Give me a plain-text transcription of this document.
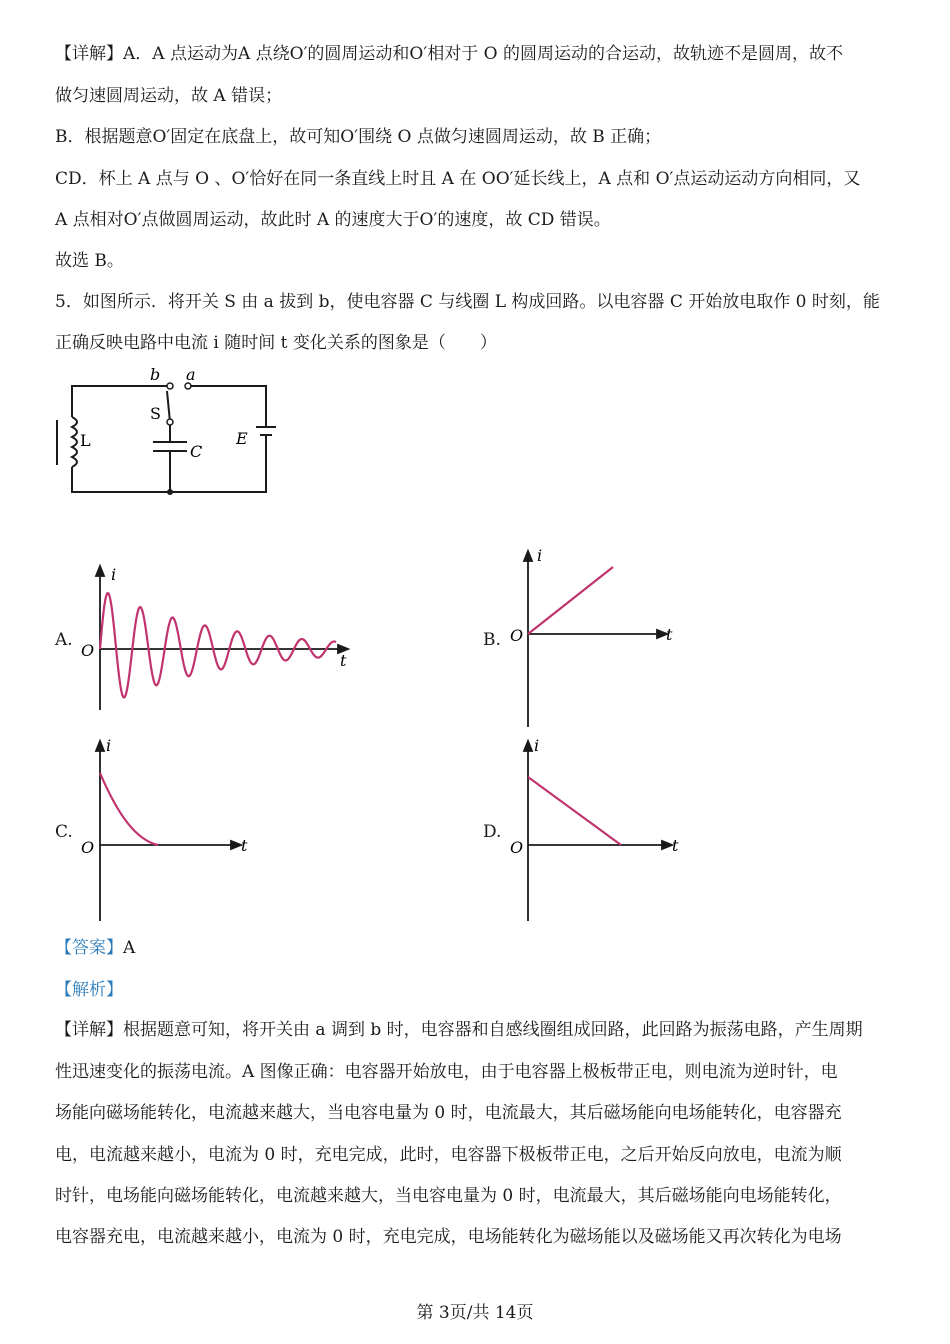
【详解】A．A 点运动为A 点绕O′的圆周运动和O′相对于 O 的圆周运动的合运动，故轨迹不是圆周，故不
做匀速圆周运动，故 A 错误；
B．根据题意O′固定在底盘上，故可知O′围绕 O 点做匀速圆周运动，故 B 正确；
CD．杯上 A 点与 O 、O′恰好在同一条直线上时且 A 在 OO′延长线上，A 点和 O′点运动运动方向相同，又
A 点相对O′点做圆周运动，故此时 A 的速度大于O′的速度，故 CD 错误。
故选 B。
5．如图所示．将开关 S 由 a 拔到 b，使电容器 C 与线圈 L 构成回路。以电容器 C 开始放电取作 0 时刻，能
正确反映电路中电流 i 随时间 t 变化关系的图象是（　　）
b a
S
L
C
E
A.
i
t
O
B.
i
t
O
C.
i
t
O
D.
i
t
O
【答案】A
【解析】
【详解】根据题意可知，将开关由 a 调到 b 时，电容器和自感线圈组成回路，此回路为振荡电路，产生周期
性迅速变化的振荡电流。A 图像正确：电容器开始放电，由于电容器上极板带正电，则电流为逆时针，电
场能向磁场能转化，电流越来越大，当电容电量为 0 时，电流最大，其后磁场能向电场能转化，电容器充
电，电流越来越小，电流为 0 时，充电完成，此时，电容器下极板带正电，之后开始反向放电，电流为顺
时针，电场能向磁场能转化，电流越来越大，当电容电量为 0 时，电流最大，其后磁场能向电场能转化，
电容器充电，电流越来越小，电流为 0 时，充电完成，电场能转化为磁场能以及磁场能又再次转化为电场
第 3页/共 14页
